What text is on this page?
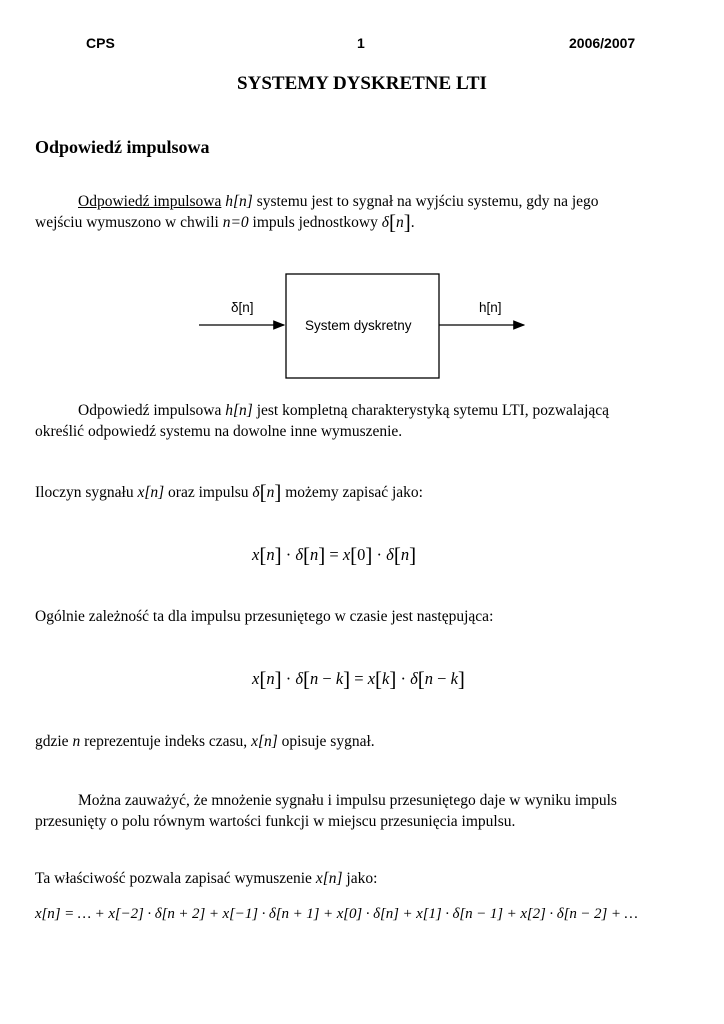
CPS	1	2006/2007
SYSTEMY DYSKRETNE LTI
Odpowiedź impulsowa
Odpowiedź impulsowa h[n] systemu jest to sygnał na wyjściu systemu, gdy na jego
wejściu wymuszono w chwili n=0 impuls jednostkowy δ[n].
δ[n]
System dyskretny
h[n]
Odpowiedź impulsowa h[n] jest kompletną charakterystyką sytemu LTI, pozwalającą
określić odpowiedź systemu na dowolne inne wymuszenie.
Iloczyn sygnału x[n] oraz impulsu δ[n] możemy zapisać jako:
x[n] · δ[n] = x[0] · δ[n]
Ogólnie zależność ta dla impulsu przesuniętego w czasie jest następująca:
x[n] · δ[n − k] = x[k] · δ[n − k]
gdzie n reprezentuje indeks czasu, x[n] opisuje sygnał.
Można zauważyć, że mnożenie sygnału i impulsu przesuniętego daje w wyniku impuls
przesunięty o polu równym wartości funkcji w miejscu przesunięcia impulsu.
Ta właściwość pozwala zapisać wymuszenie x[n] jako:
x[n] = … + x[−2] · δ[n + 2] + x[−1] · δ[n + 1] + x[0] · δ[n] + x[1] · δ[n − 1] + x[2] · δ[n − 2] + …
